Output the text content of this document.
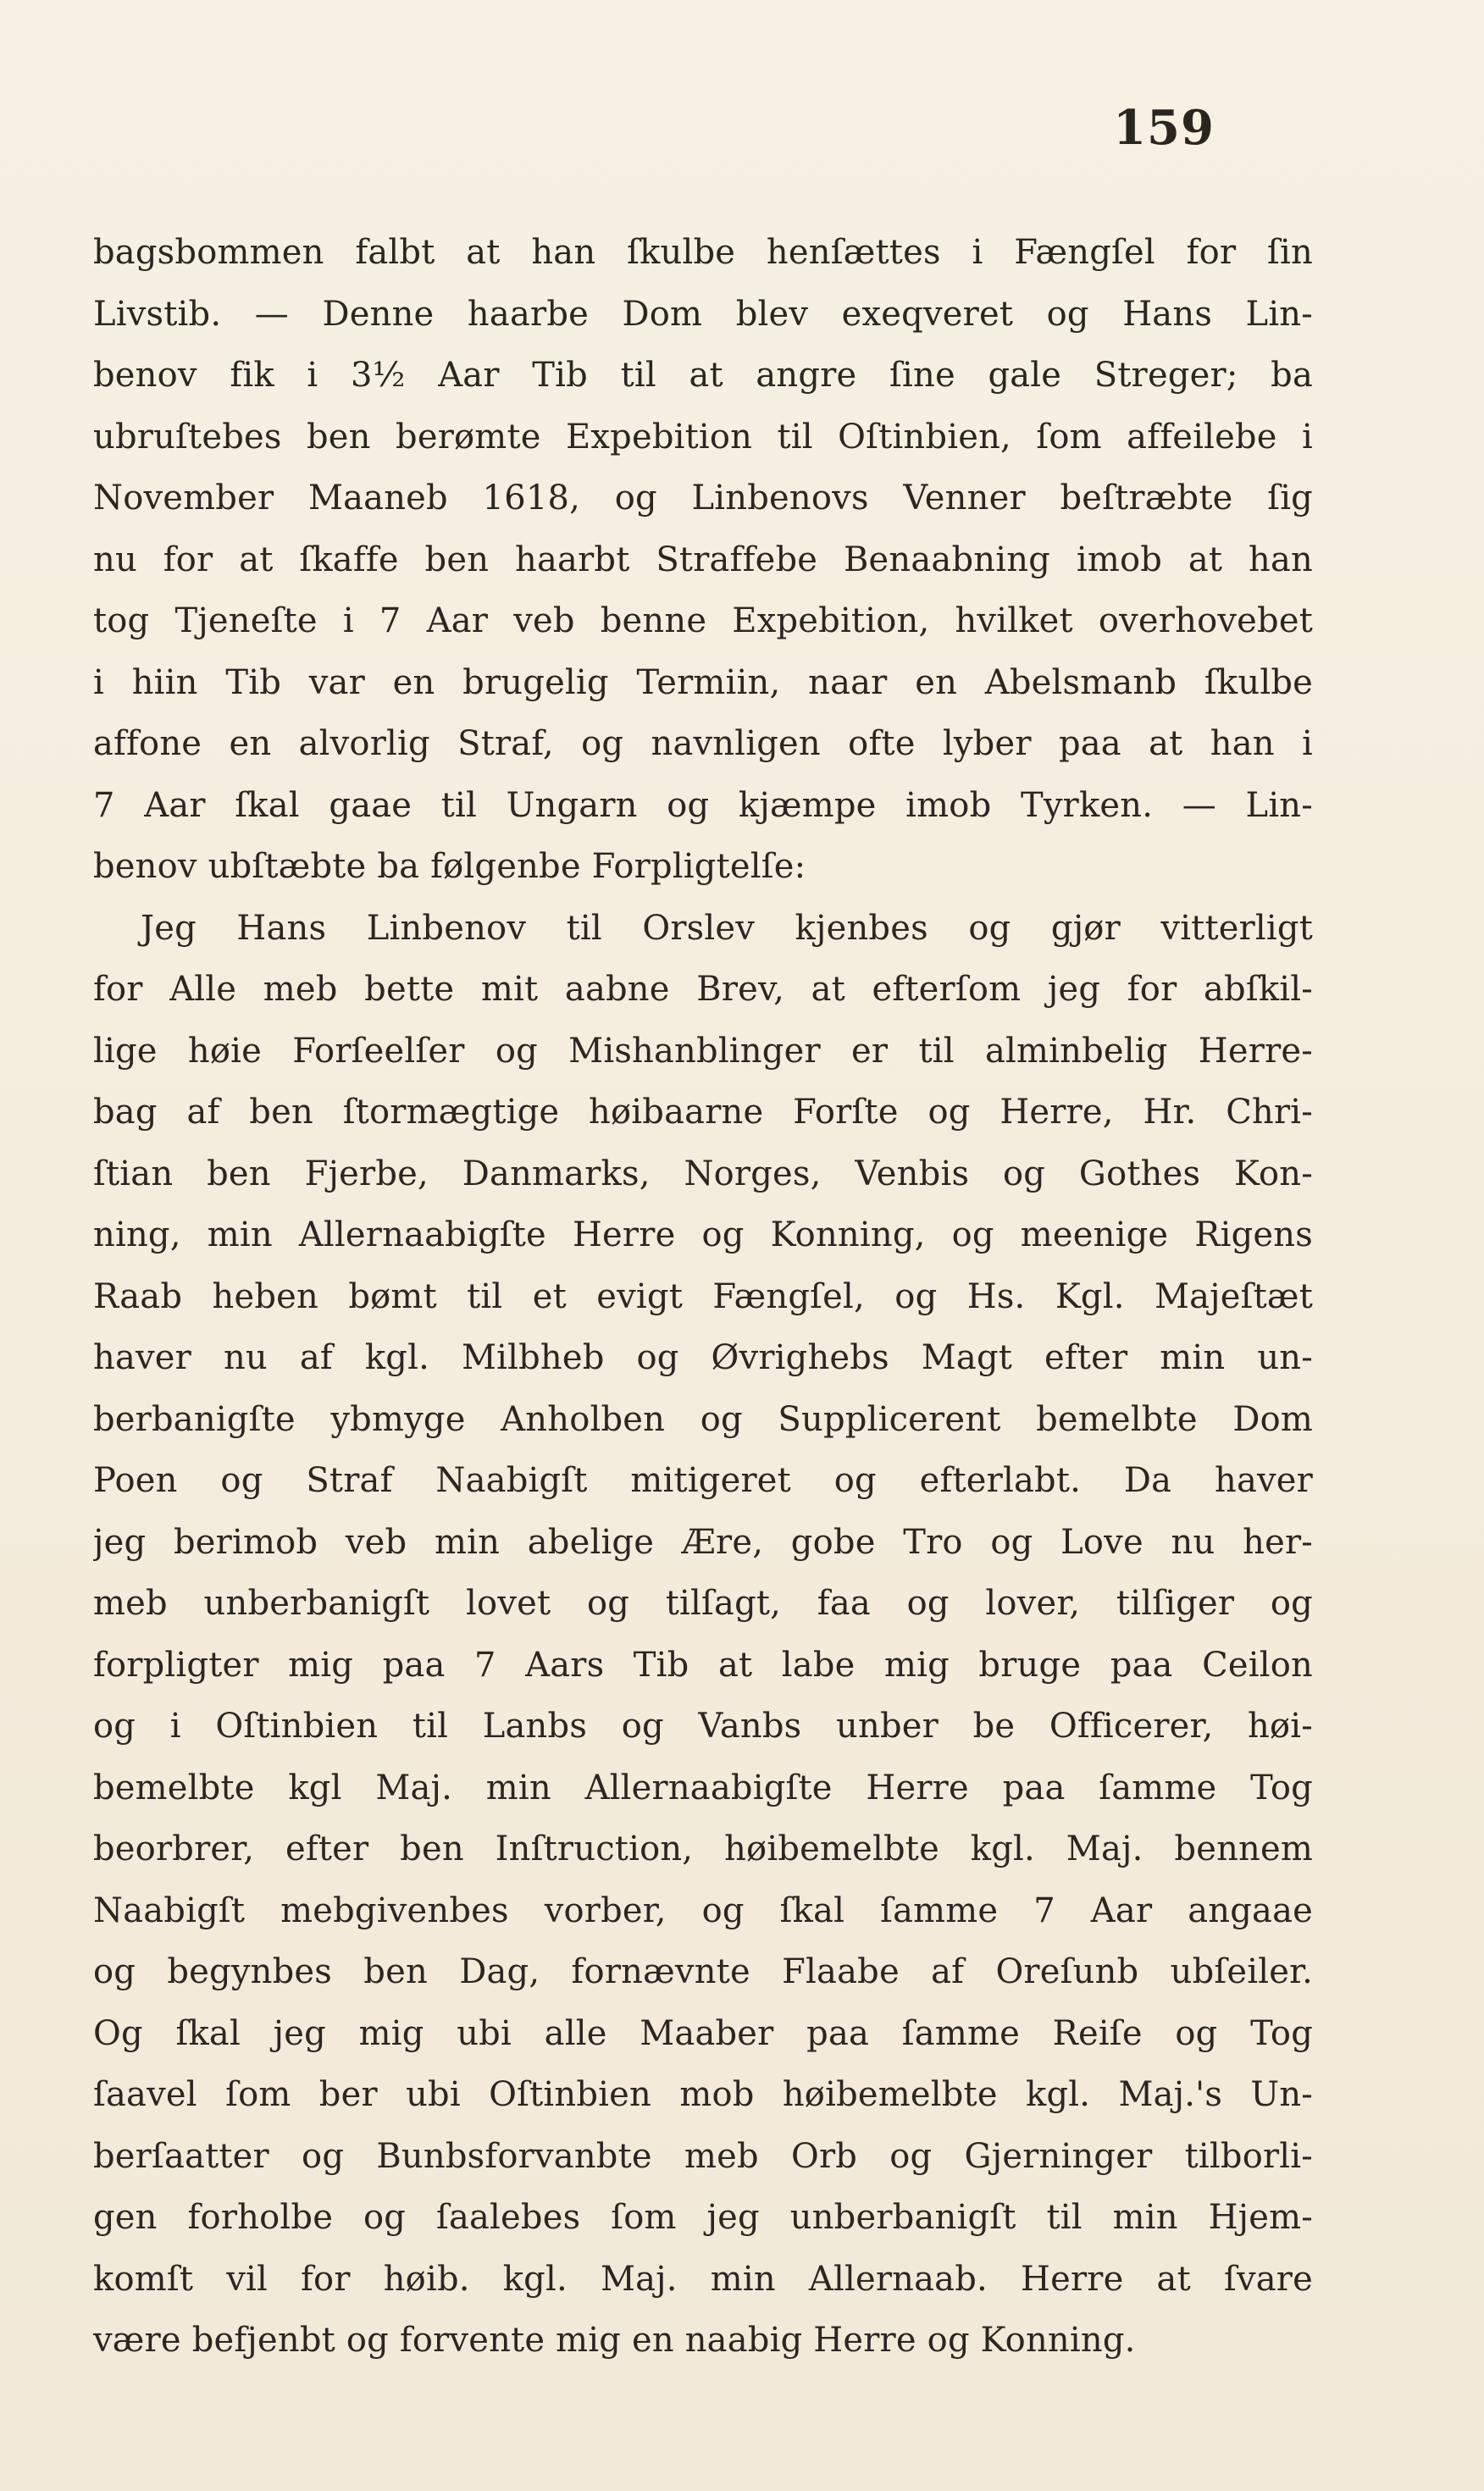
159
bagsbommen falbt at han ſkulbe henſættes i Fængſel for ſin
Livstib. — Denne haarbe Dom blev exeqveret og Hans Lin-
benov fik i 3½ Aar Tib til at angre ſine gale Streger; ba
ubruſtebes ben berømte Expebition til Oſtinbien, ſom affeilebe i
November Maaneb 1618, og Linbenovs Venner beſtræbte ſig
nu for at ſkaffe ben haarbt Straffebe Benaabning imob at han
tog Tjeneſte i 7 Aar veb benne Expebition, hvilket overhovebet
i hiin Tib var en brugelig Termiin, naar en Abelsmanb ſkulbe
affone en alvorlig Straf, og navnligen ofte lyber paa at han i
7 Aar ſkal gaae til Ungarn og kjæmpe imob Tyrken. — Lin-
benov ubſtæbte ba følgenbe Forpligtelſe:
Jeg Hans Linbenov til Orslev kjenbes og gjør vitterligt
for Alle meb bette mit aabne Brev, at efterſom jeg for abſkil-
lige høie Forſeelſer og Mishanblinger er til alminbelig Herre-
bag af ben ſtormægtige høibaarne Forſte og Herre, Hr. Chri-
ſtian ben Fjerbe, Danmarks, Norges, Venbis og Gothes Kon-
ning, min Allernaabigſte Herre og Konning, og meenige Rigens
Raab heben bømt til et evigt Fængſel, og Hs. Kgl. Majeſtæt
haver nu af kgl. Milbheb og Øvrighebs Magt efter min un-
berbanigſte ybmyge Anholben og Supplicerent bemelbte Dom
Poen og Straf Naabigſt mitigeret og efterlabt. Da haver
jeg berimob veb min abelige Ære, gobe Tro og Love nu her-
meb unberbanigſt lovet og tilſagt, faa og lover, tilſiger og
forpligter mig paa 7 Aars Tib at labe mig bruge paa Ceilon
og i Oſtinbien til Lanbs og Vanbs unber be Officerer, høi-
bemelbte kgl Maj. min Allernaabigſte Herre paa ſamme Tog
beorbrer, efter ben Inſtruction, høibemelbte kgl. Maj. bennem
Naabigſt mebgivenbes vorber, og ſkal ſamme 7 Aar angaae
og begynbes ben Dag, fornævnte Flaabe af Oreſunb ubſeiler.
Og ſkal jeg mig ubi alle Maaber paa ſamme Reiſe og Tog
ſaavel ſom ber ubi Oſtinbien mob høibemelbte kgl. Maj.'s Un-
berſaatter og Bunbsforvanbte meb Orb og Gjerninger tilborli-
gen forholbe og ſaalebes ſom jeg unberbanigſt til min Hjem-
komſt vil for høib. kgl. Maj. min Allernaab. Herre at ſvare
være befjenbt og forvente mig en naabig Herre og Konning.
